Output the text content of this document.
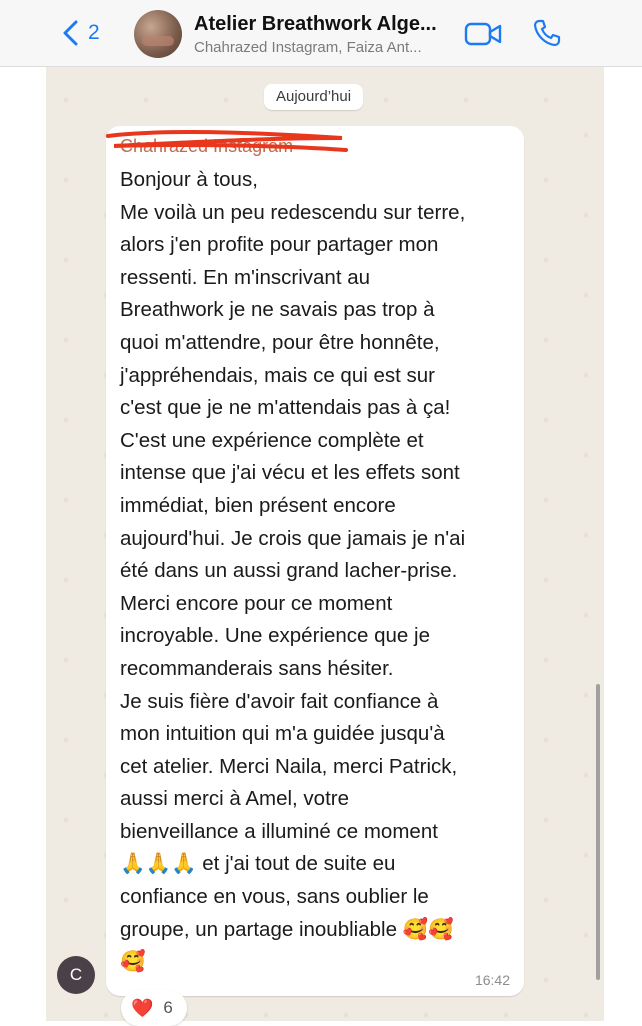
2	Atelier Breathwork Alge...
Chahrazed Instagram, Faiza Ant...
Aujourd’hui
Chahrazed Instagram
Bonjour à tous,
Me voilà un peu redescendu sur terre,
alors j'en profite pour partager mon
ressenti. En m'inscrivant au
Breathwork je ne savais pas trop à
quoi m'attendre, pour être honnête,
j'appréhendais, mais ce qui est sur
c'est que je ne m'attendais pas à ça!
C'est une expérience complète et
intense que j'ai vécu et les effets sont
immédiat, bien présent encore
aujourd'hui. Je crois que jamais je n'ai
été dans un aussi grand lacher-prise.
Merci encore pour ce moment
incroyable. Une expérience que je
recommanderais sans hésiter.
Je suis fière d'avoir fait confiance à
mon intuition qui m'a guidée jusqu'à
cet atelier. Merci Naila, merci Patrick,
aussi merci à Amel, votre
bienveillance a illuminé ce moment
🙏🙏🙏 et j'ai tout de suite eu
confiance en vous, sans oublier le
groupe, un partage inoubliable 🥰🥰
🥰
16:42
C
❤️ 6
